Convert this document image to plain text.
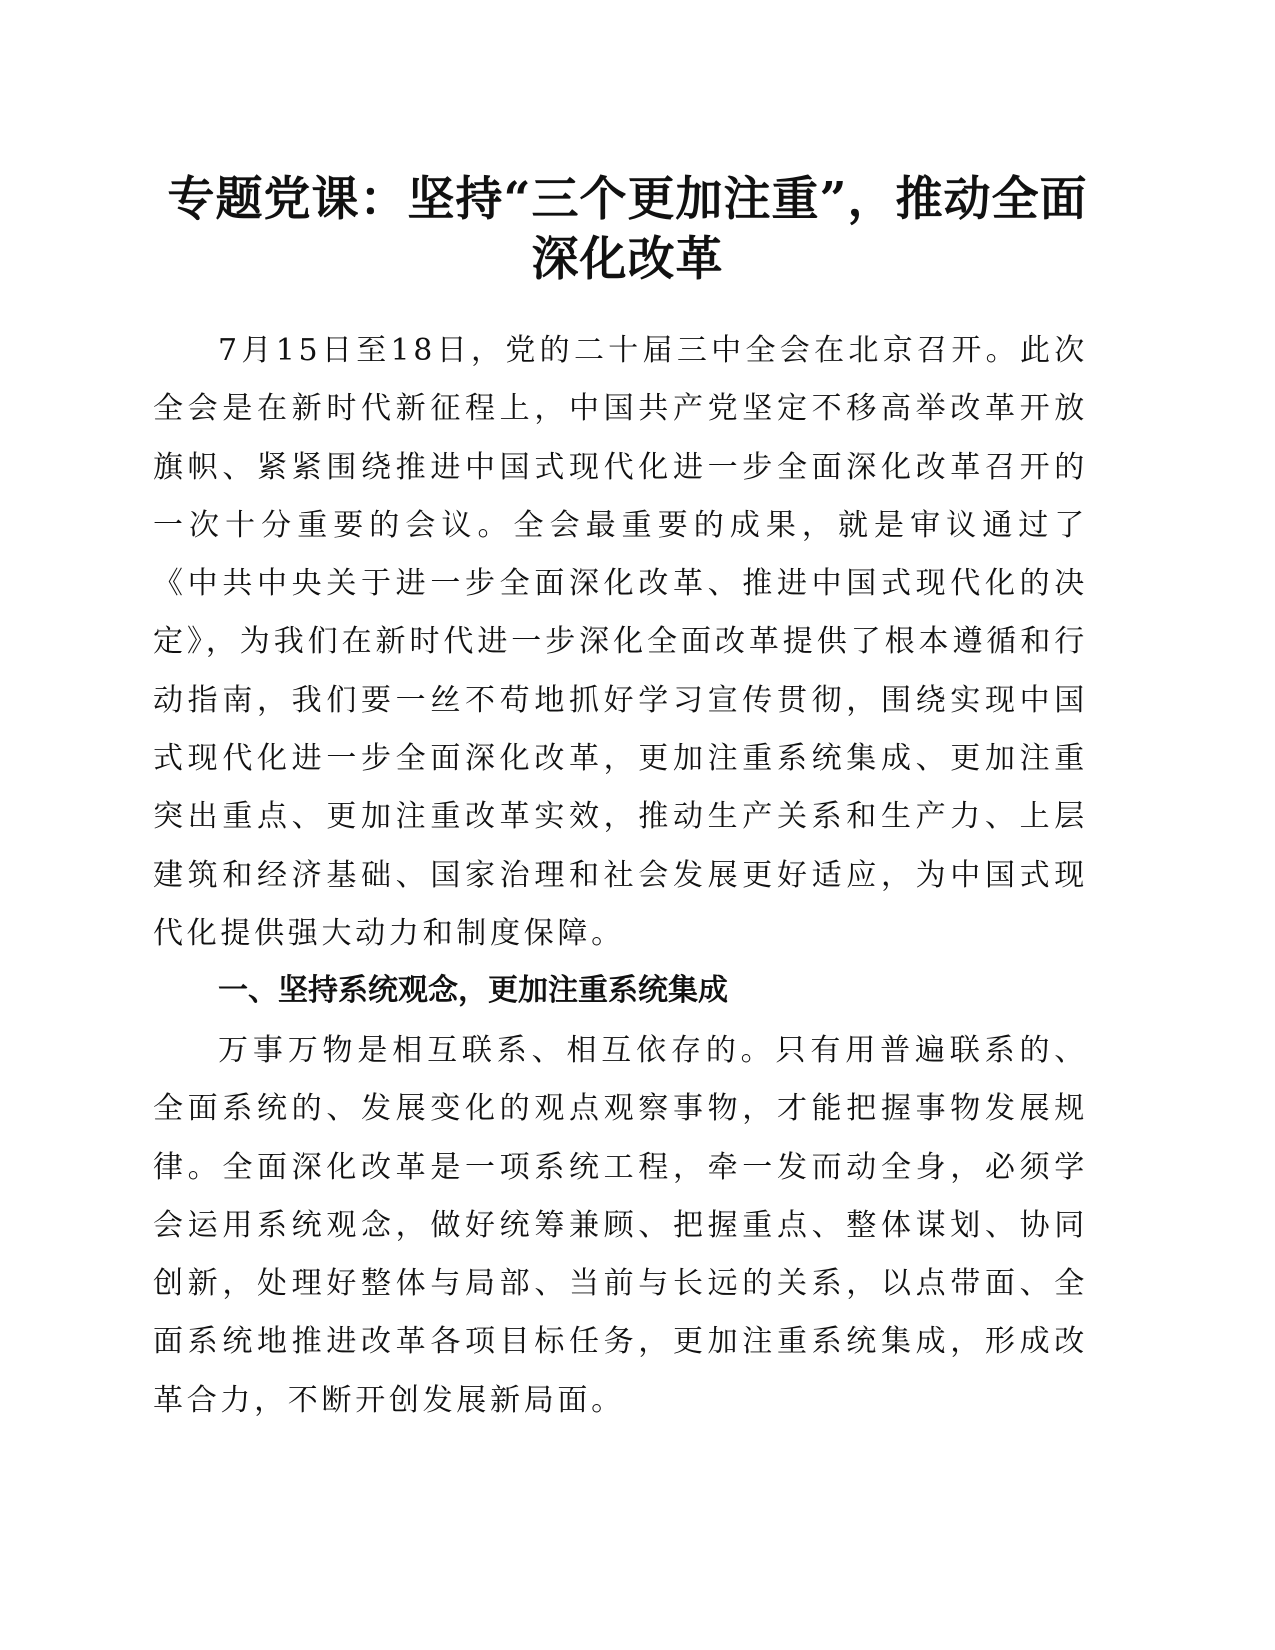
专题党课：坚持“三个更加注重”，推动全面
深化改革

7月15日至18日，党的二十届三中全会在北京召开。此次全会是在新时代新征程上，中国共产党坚定不移高举改革开放旗帜、紧紧围绕推进中国式现代化进一步全面深化改革召开的一次十分重要的会议。全会最重要的成果，就是审议通过了《中共中央关于进一步全面深化改革、推进中国式现代化的决定》，为我们在新时代进一步深化全面改革提供了根本遵循和行动指南，我们要一丝不苟地抓好学习宣传贯彻，围绕实现中国式现代化进一步全面深化改革，更加注重系统集成、更加注重突出重点、更加注重改革实效，推动生产关系和生产力、上层建筑和经济基础、国家治理和社会发展更好适应，为中国式现代化提供强大动力和制度保障。

一、坚持系统观念，更加注重系统集成

万事万物是相互联系、相互依存的。只有用普遍联系的、全面系统的、发展变化的观点观察事物，才能把握事物发展规律。全面深化改革是一项系统工程，牵一发而动全身，必须学会运用系统观念，做好统筹兼顾、把握重点、整体谋划、协同创新，处理好整体与局部、当前与长远的关系，以点带面、全面系统地推进改革各项目标任务，更加注重系统集成，形成改革合力，不断开创发展新局面。
